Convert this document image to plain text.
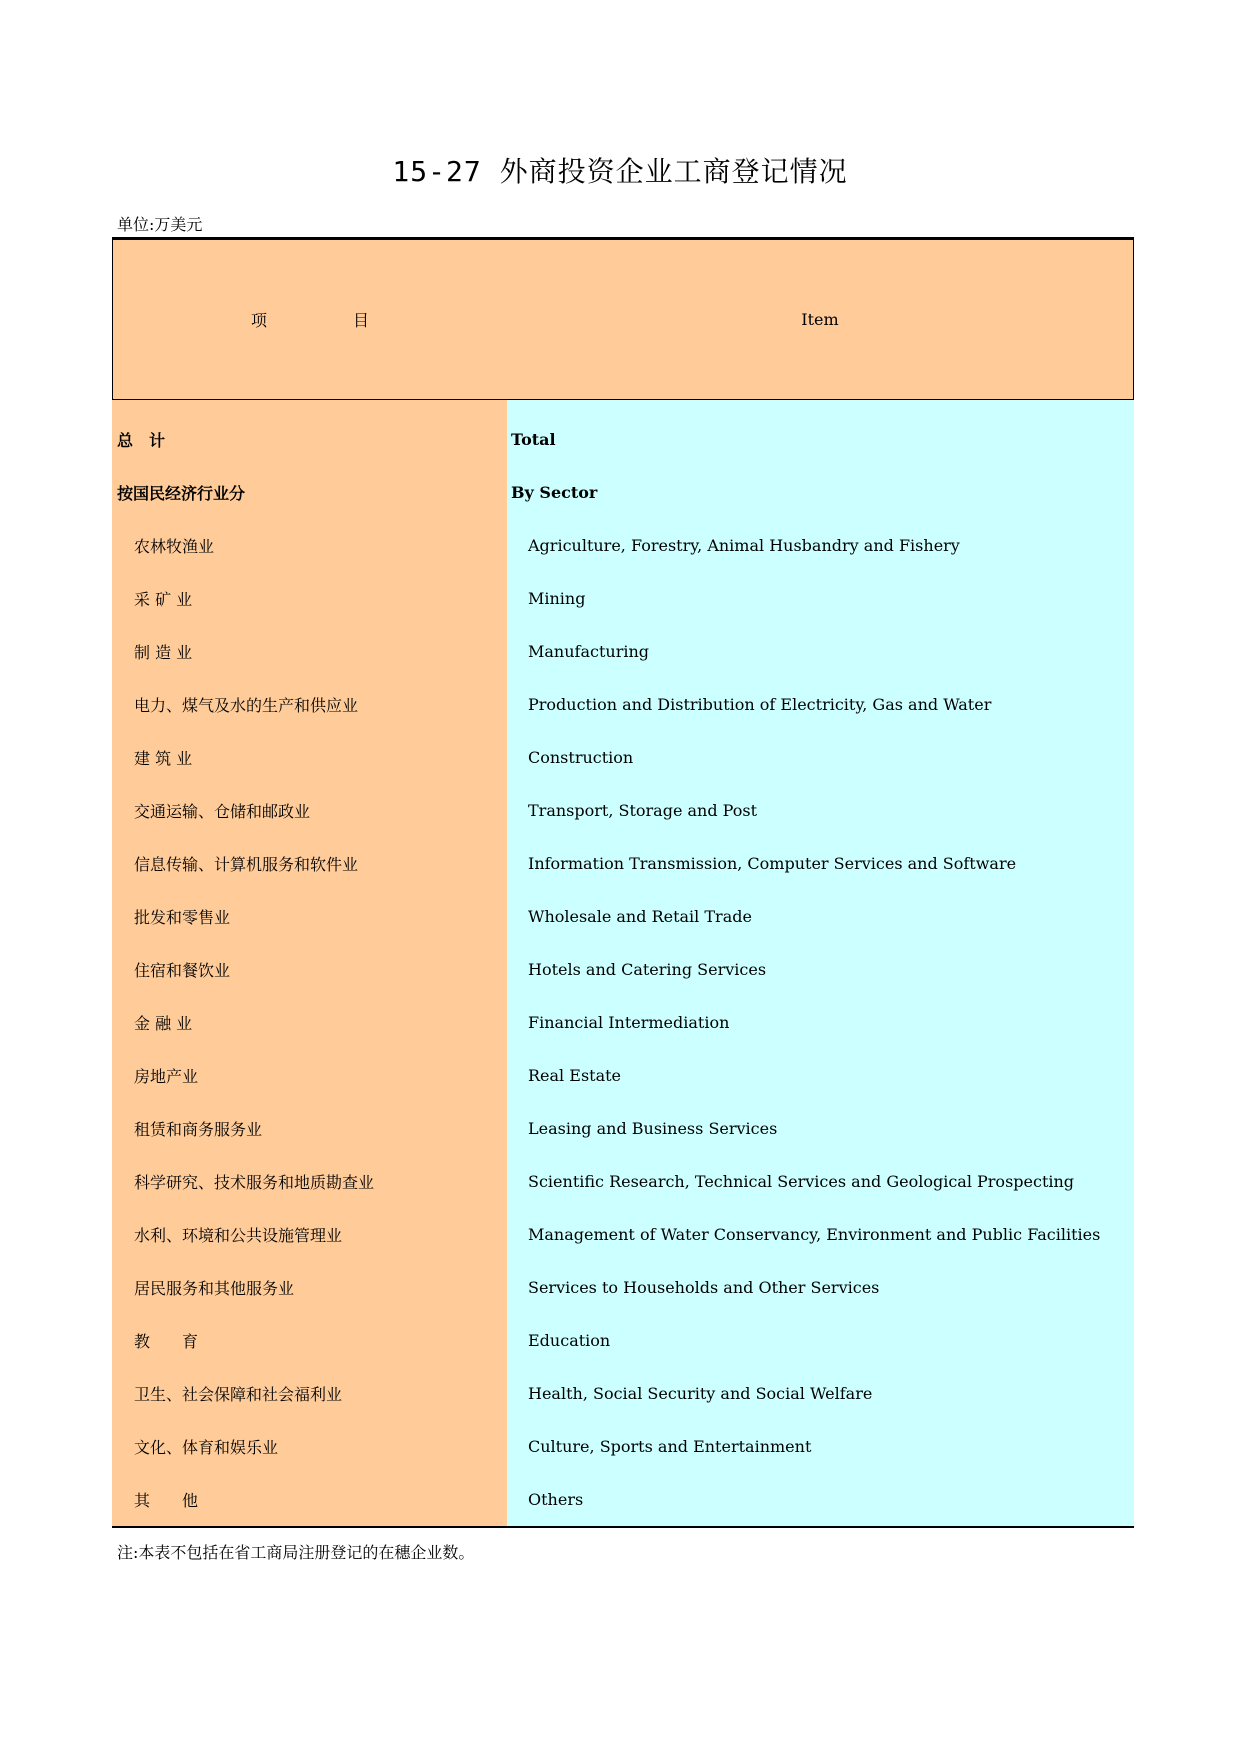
15-27 外商投资企业工商登记情况
单位:万美元
项	目	Item
总　计
按国民经济行业分
农林牧渔业
采 矿 业
制 造 业
电力、煤气及水的生产和供应业
建 筑 业
交通运输、仓储和邮政业
信息传输、计算机服务和软件业
批发和零售业
住宿和餐饮业
金 融 业
房地产业
租赁和商务服务业
科学研究、技术服务和地质勘查业
水利、环境和公共设施管理业
居民服务和其他服务业
教　　育
卫生、社会保障和社会福利业
文化、体育和娱乐业
其　　他
Total
By Sector
Agriculture, Forestry, Animal Husbandry and Fishery
Mining
Manufacturing
Production and Distribution of Electricity, Gas and Water
Construction
Transport, Storage and Post
Information Transmission, Computer Services and Software
Wholesale and Retail Trade
Hotels and Catering Services
Financial Intermediation
Real Estate
Leasing and Business Services
Scientific Research, Technical Services and Geological Prospecting
Management of Water Conservancy, Environment and Public Facilities
Services to Households and Other Services
Education
Health, Social Security and Social Welfare
Culture, Sports and Entertainment
Others
注:本表不包括在省工商局注册登记的在穗企业数。
